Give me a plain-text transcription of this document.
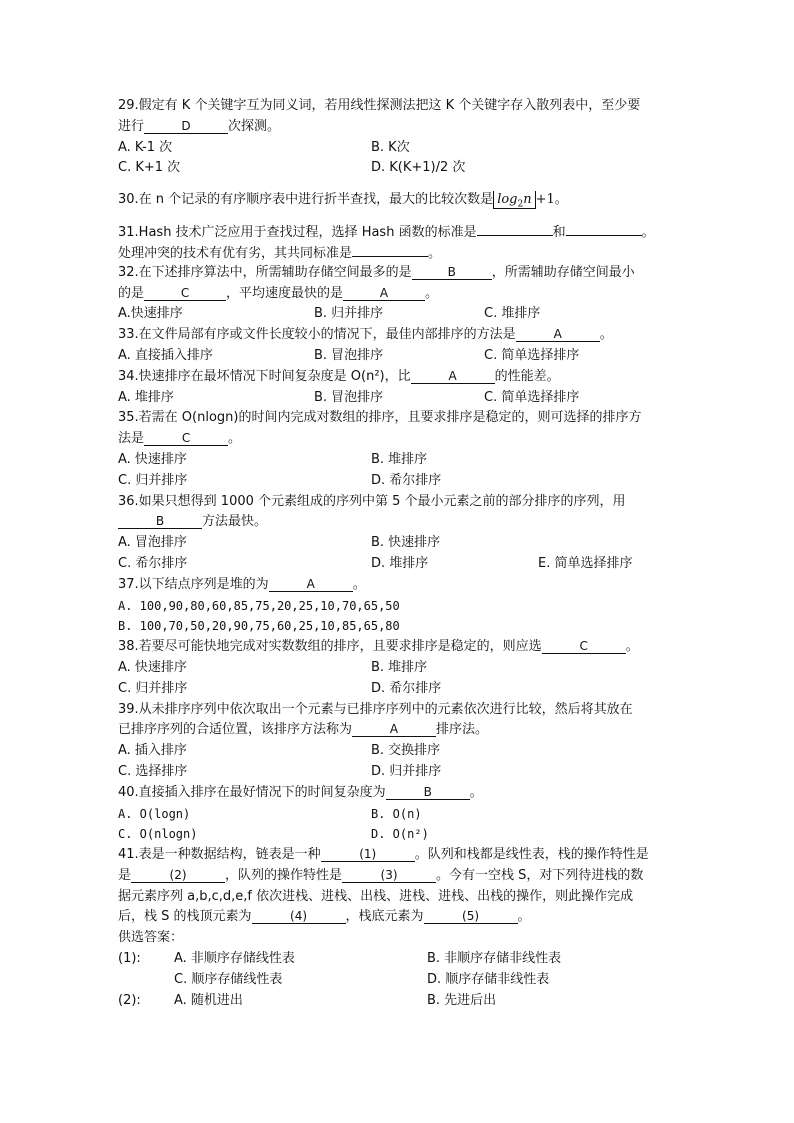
29.假定有 K 个关键字互为同义词，若用线性探测法把这 K 个关键字存入散列表中，至少要
进行	D	次探测。
A. K-1 次	B. K次
C. K+1 次	D. K(K+1)/2 次
30.在 n 个记录的有序顺序表中进行折半查找，最大的比较次数是 $\log_2n +1$。
31.Hash 技术广泛应用于查找过程，选择 Hash 函数的标准是	和	。
处理冲突的技术有优有劣，其共同标准是	。
32.在下述排序算法中，所需辅助存储空间最多的是	B	，所需辅助存储空间最小
的是	C	，平均速度最快的是	A	。
A.快速排序	B. 归并排序	C. 堆排序
33.在文件局部有序或文件长度较小的情况下，最佳内部排序的方法是	A	。
A. 直接插入排序	B. 冒泡排序	C. 简单选择排序
34.快速排序在最坏情况下时间复杂度是 O(n²)，比	A	的性能差。
A. 堆排序	B. 冒泡排序	C. 简单选择排序
35.若需在 O(nlogn)的时间内完成对数组的排序，且要求排序是稳定的，则可选择的排序方
法是	C	。
A. 快速排序	B. 堆排序
C. 归并排序	D. 希尔排序
36.如果只想得到 1000 个元素组成的序列中第 5 个最小元素之前的部分排序的序列，用
B	方法最快。
A. 冒泡排序	B. 快速排序
C. 希尔排序	D. 堆排序	E. 简单选择排序
37.以下结点序列是堆的为	A	。
A. 100,90,80,60,85,75,20,25,10,70,65,50
B. 100,70,50,20,90,75,60,25,10,85,65,80
38.若要尽可能快地完成对实数数组的排序，且要求排序是稳定的，则应选	C	。
A. 快速排序	B. 堆排序
C. 归并排序	D. 希尔排序
39.从未排序序列中依次取出一个元素与已排序序列中的元素依次进行比较，然后将其放在
已排序序列的合适位置，该排序方法称为	A	排序法。
A. 插入排序	B. 交换排序
C. 选择排序	D. 归并排序
40.直接插入排序在最好情况下的时间复杂度为	B	。
A. O(logn)	B. O(n)
C. O(nlogn)	D. O(n²)
41.表是一种数据结构，链表是一种	(1)	。队列和栈都是线性表，栈的操作特性是
是	(2)	，队列的操作特性是	(3)	。今有一空栈 S，对下列待进栈的数
据元素序列 a,b,c,d,e,f 依次进栈、进栈、出栈、进栈、进栈、出栈的操作，则此操作完成
后，栈 S 的栈顶元素为	(4)	，栈底元素为	(5)	。
供选答案：
(1):	A. 非顺序存储线性表	B. 非顺序存储非线性表
C. 顺序存储线性表	D. 顺序存储非线性表
(2):	A. 随机进出	B. 先进后出
